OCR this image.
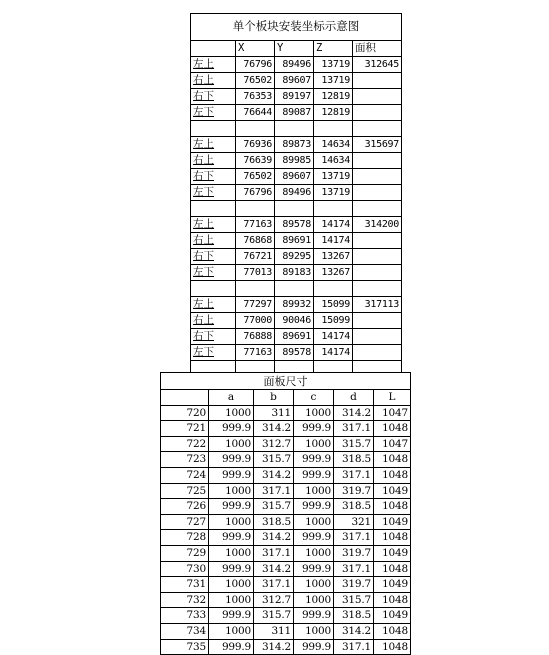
单个板块安装坐标示意图				
	X	Y	Z	面积
左上	76796	89496	13719	312645
右上	76502	89607	13719	
右下	76353	89197	12819	
左下	76644	89087	12819	

左上	76936	89873	14634	315697
右上	76639	89985	14634	
右下	76502	89607	13719	
左下	76796	89496	13719	

左上	77163	89578	14174	314200
右上	76868	89691	14174	
右下	76721	89295	13267	
左下	77013	89183	13267	

左上	77297	89932	15099	317113
右上	77000	90046	15099	
右下	76888	89691	14174	
左下	77163	89578	14174	

面板尺寸					
	a	b	c	d	L
720	1000	311	1000	314.2	1047
721	999.9	314.2	999.9	317.1	1048
722	1000	312.7	1000	315.7	1047
723	999.9	315.7	999.9	318.5	1048
724	999.9	314.2	999.9	317.1	1048
725	1000	317.1	1000	319.7	1049
726	999.9	315.7	999.9	318.5	1048
727	1000	318.5	1000	321	1049
728	999.9	314.2	999.9	317.1	1048
729	1000	317.1	1000	319.7	1049
730	999.9	314.2	999.9	317.1	1048
731	1000	317.1	1000	319.7	1049
732	1000	312.7	1000	315.7	1048
733	999.9	315.7	999.9	318.5	1049
734	1000	311	1000	314.2	1048
735	999.9	314.2	999.9	317.1	1048
